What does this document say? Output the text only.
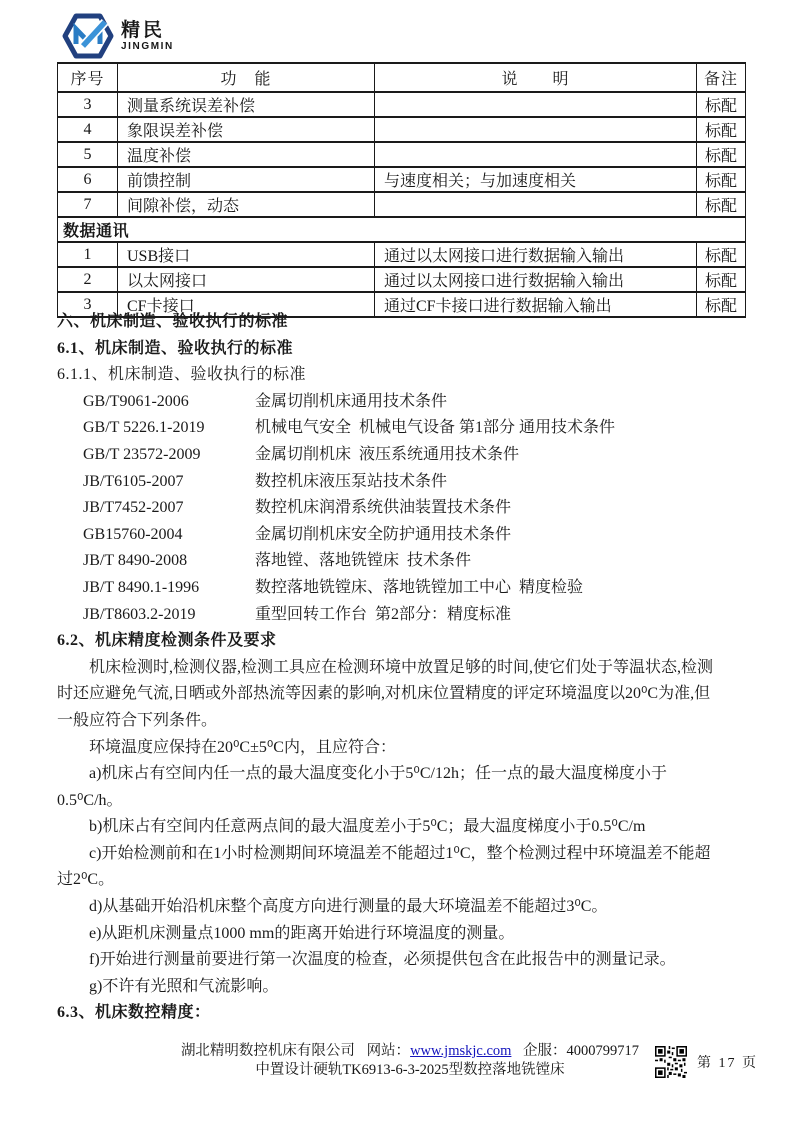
精民
JINGMIN
序号	功　能	说　　明	备注
3	测量系统误差补偿		标配
4	象限误差补偿		标配
5	温度补偿		标配
6	前馈控制	与速度相关；与加速度相关	标配
7	间隙补偿，动态		标配
数据通讯			
1	USB接口	通过以太网接口进行数据输入输出	标配
2	以太网接口	通过以太网接口进行数据输入输出	标配
3	CF卡接口	通过CF卡接口进行数据输入输出	标配
六、机床制造、验收执行的标准
6.1、机床制造、验收执行的标准
6.1.1、机床制造、验收执行的标准
GB/T9061-2006	金属切削机床通用技术条件
GB/T 5226.1-2019	机械电气安全  机械电气设备 第1部分 通用技术条件
GB/T 23572-2009	金属切削机床  液压系统通用技术条件
JB/T6105-2007	数控机床液压泵站技术条件
JB/T7452-2007	数控机床润滑系统供油装置技术条件
GB15760-2004	金属切削机床安全防护通用技术条件
JB/T 8490-2008	落地镗、落地铣镗床  技术条件
JB/T 8490.1-1996	数控落地铣镗床、落地铣镗加工中心  精度检验
JB/T8603.2-2019	重型回转工作台  第2部分：精度标准
6.2、机床精度检测条件及要求

机床检测时,检测仪器,检测工具应在检测环境中放置足够的时间,使它们处于等温状态,检测时还应避免气流,日晒或外部热流等因素的影响,对机床位置精度的评定环境温度以20⁰C为准,但一般应符合下列条件。

环境温度应保持在20⁰C±5⁰C内，且应符合：

a)机床占有空间内任一点的最大温度变化小于5⁰C/12h；任一点的最大温度梯度小于0.5⁰C/h。

b)机床占有空间内任意两点间的最大温度差小于5⁰C；最大温度梯度小于0.5⁰C/m

c)开始检测前和在1小时检测期间环境温差不能超过1⁰C，整个检测过程中环境温差不能超过2⁰C。

d)从基础开始沿机床整个高度方向进行测量的最大环境温差不能超过3⁰C。

e)从距机床测量点1000 mm的距离开始进行环境温度的测量。

f)开始进行测量前要进行第一次温度的检查，必须提供包含在此报告中的测量记录。

g)不许有光照和气流影响。

6.3、机床数控精度：
湖北精明数控机床有限公司 网站：www.jmskjc.com 企服：4000799717
中置设计硬轨TK6913-6-3-2025型数控落地铣镗床	第 17 页
